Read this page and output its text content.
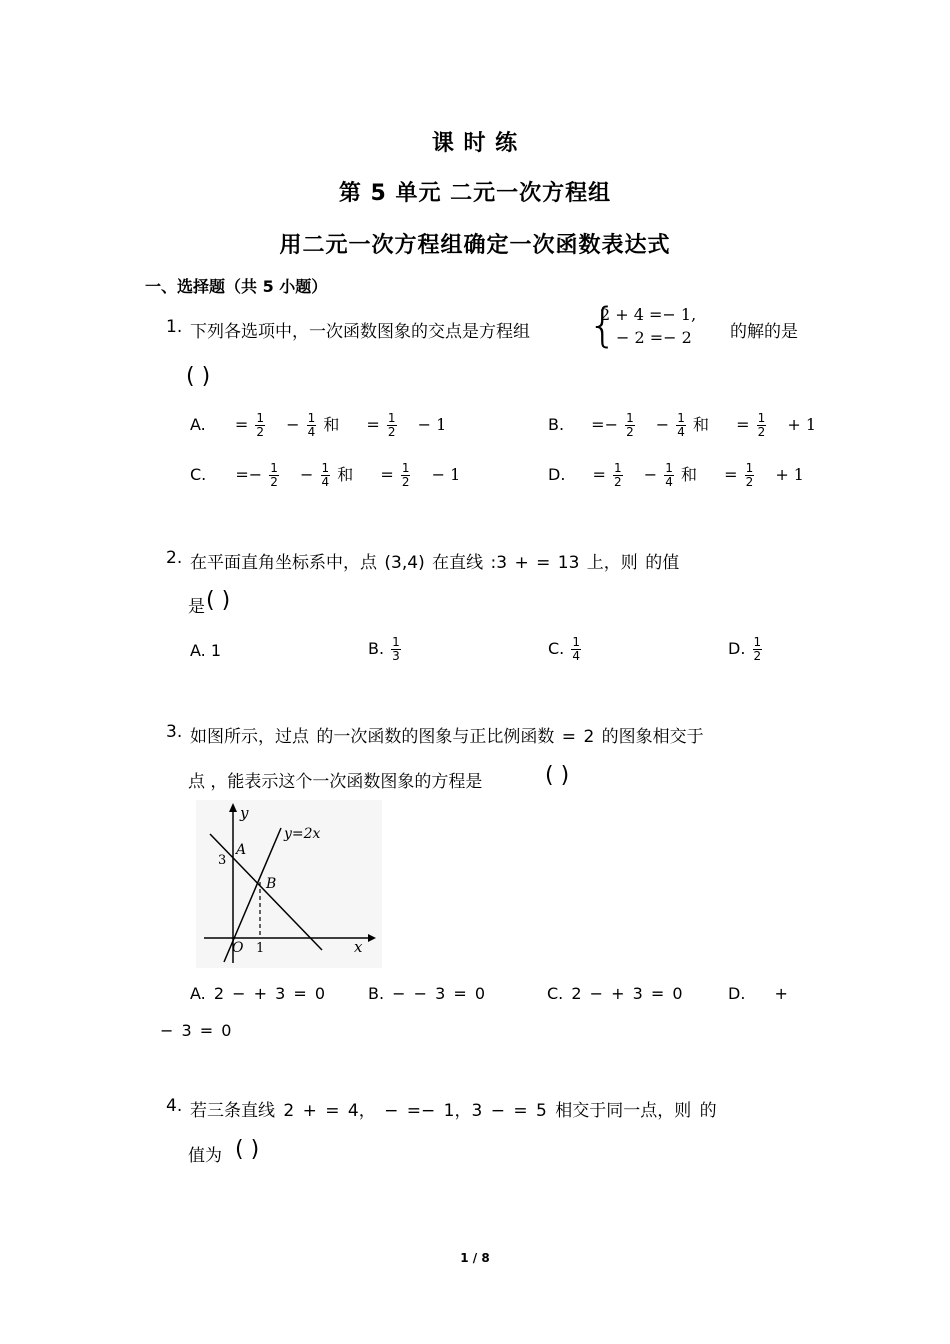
课 时 练
第 5 单元 二元一次方程组
用二元一次方程组确定一次函数表达式
一、选择题（共 5 小题）
1. 下列各选项中，一次函数图象的交点是方程组 {
2 + 4 =− 1,
− 2 =− 2 的解的是
( )
A. = $\frac{1}{2} - \frac{1}{4}$ 和 = $\frac{1}{2} - 1$	B. =− $\frac{1}{2} - \frac{1}{4}$ 和 = $\frac{1}{2} + 1$
C. =− $\frac{1}{2} - \frac{1}{4}$ 和 = $\frac{1}{2} - 1$	D. = $\frac{1}{2} - \frac{1}{4}$ 和 = $\frac{1}{2} + 1$
2. 在平面直角坐标系中，点 (3,4) 在直线 :3 + = 13 上，则 的值
是 ( )
A. 1	B. $\frac{1}{3}$	C. $\frac{1}{4}$	D. $\frac{1}{2}$
3. 如图所示，过点 的一次函数的图象与正比例函数 = 2 的图象相交于
点 ，能表示这个一次函数图象的方程是	( )
y
x
y=2x
A
B
3
O 1
A. 2 − + 3 = 0	B. − − 3 = 0	C. 2 − + 3 = 0	D. +
− 3 = 0
4. 若三条直线 2 + = 4， − =− 1，3 − = 5 相交于同一点，则 的
值为 ( )
1 / 8
